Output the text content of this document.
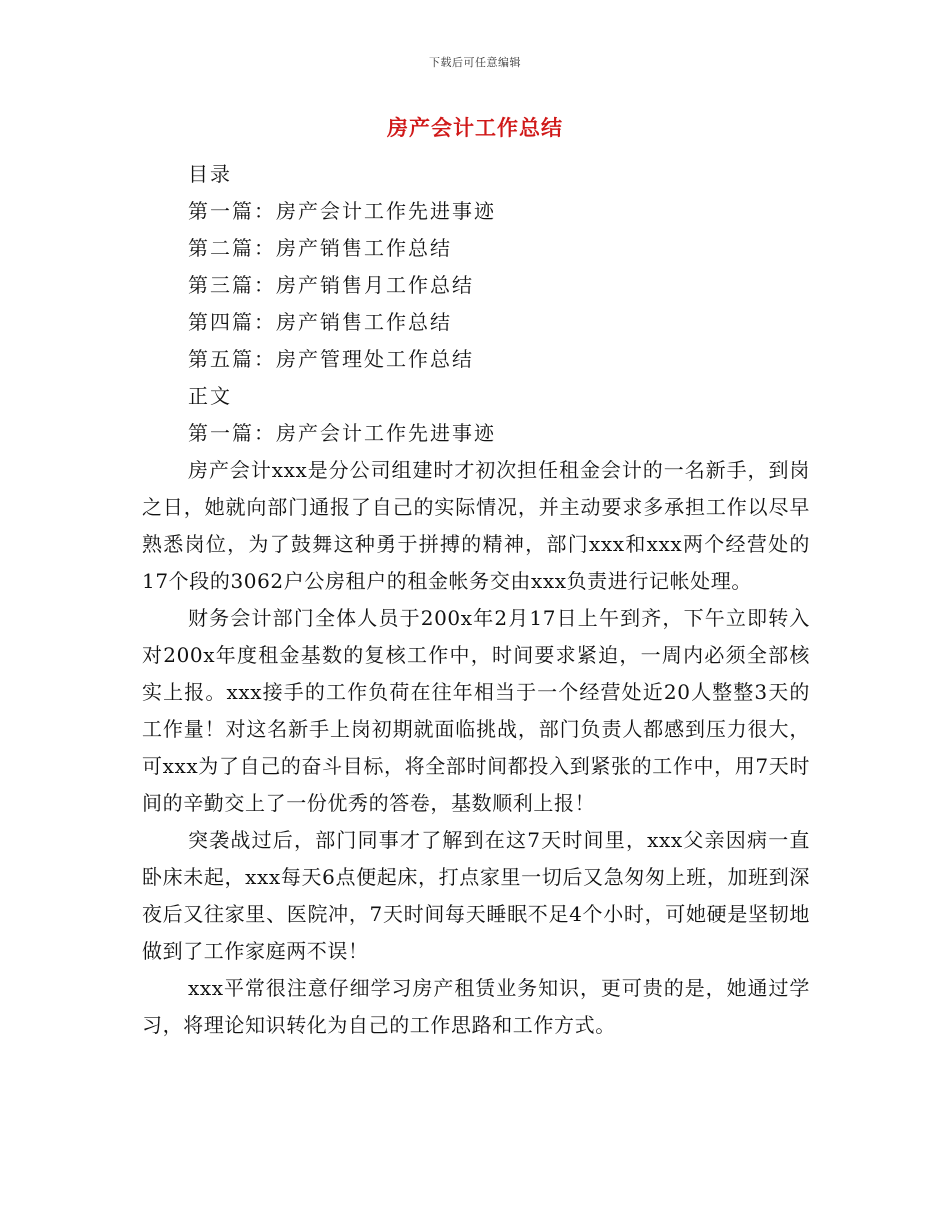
下载后可任意编辑
房产会计工作总结
目录
第一篇：房产会计工作先进事迹
第二篇：房产销售工作总结
第三篇：房产销售月工作总结
第四篇：房产销售工作总结
第五篇：房产管理处工作总结
正文
第一篇：房产会计工作先进事迹

房产会计xxx是分公司组建时才初次担任租金会计的一名新手，到岗之日，她就向部门通报了自己的实际情况，并主动要求多承担工作以尽早熟悉岗位，为了鼓舞这种勇于拼搏的精神，部门xxx和xxx两个经营处的17个段的3062户公房租户的租金帐务交由xxx负责进行记帐处理。

财务会计部门全体人员于200x年2月17日上午到齐，下午立即转入对200x年度租金基数的复核工作中，时间要求紧迫，一周内必须全部核实上报。xxx接手的工作负荷在往年相当于一个经营处近20人整整3天的工作量！对这名新手上岗初期就面临挑战，部门负责人都感到压力很大，可xxx为了自己的奋斗目标，将全部时间都投入到紧张的工作中，用7天时间的辛勤交上了一份优秀的答卷，基数顺利上报！

突袭战过后，部门同事才了解到在这7天时间里，xxx父亲因病一直卧床未起，xxx每天6点便起床，打点家里一切后又急匆匆上班，加班到深夜后又往家里、医院冲，7天时间每天睡眠不足4个小时，可她硬是坚韧地做到了工作家庭两不误！

xxx平常很注意仔细学习房产租赁业务知识，更可贵的是，她通过学习，将理论知识转化为自己的工作思路和工作方式。
